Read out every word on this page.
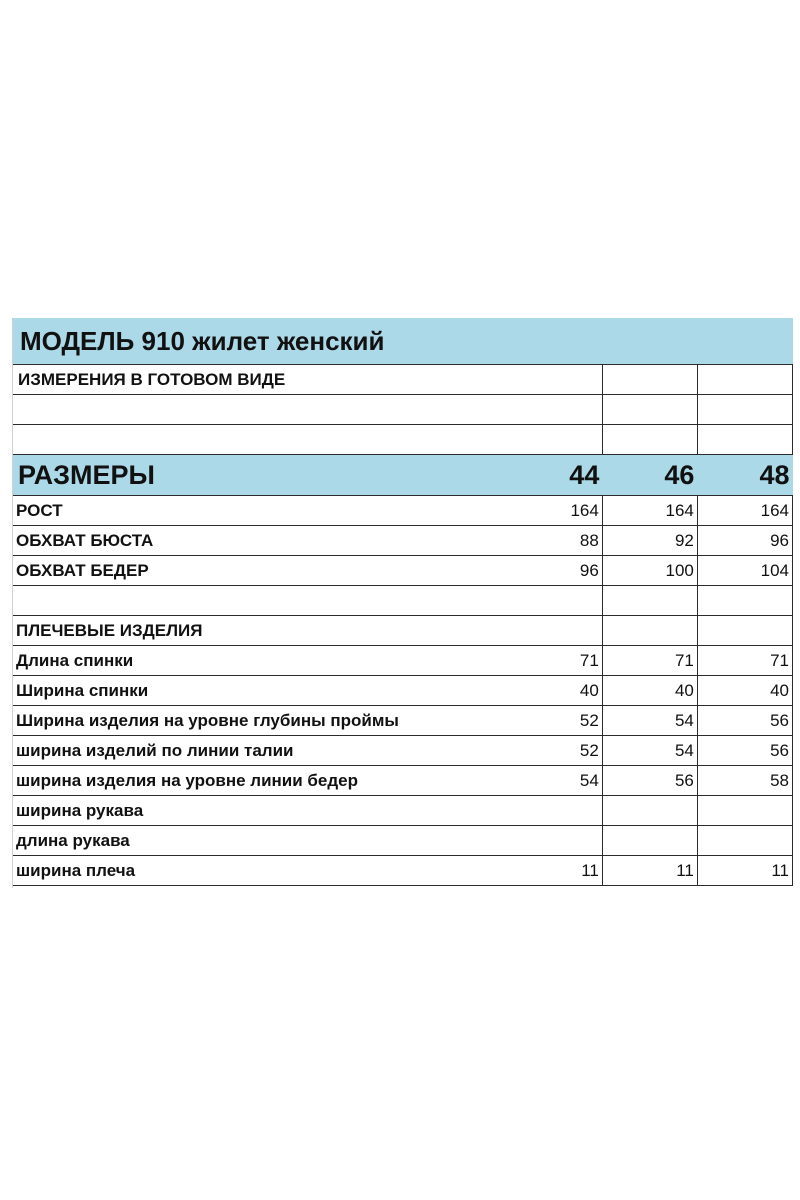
МОДЕЛЬ 910 жилет женский			
ИЗМЕРЕНИЯ В ГОТОВОМ ВИДЕ			

РАЗМЕРЫ	44	46	48
РОСТ	164	164	164
ОБХВАТ БЮСТА	88	92	96
ОБХВАТ БЕДЕР	96	100	104

ПЛЕЧЕВЫЕ ИЗДЕЛИЯ			
Длина спинки	71	71	71
Ширина спинки	40	40	40
Ширина изделия на уровне глубины проймы	52	54	56
ширина изделий по линии талии	52	54	56
ширина изделия на уровне линии бедер	54	56	58
ширина рукава			
длина рукава			
ширина плеча	11	11	11
